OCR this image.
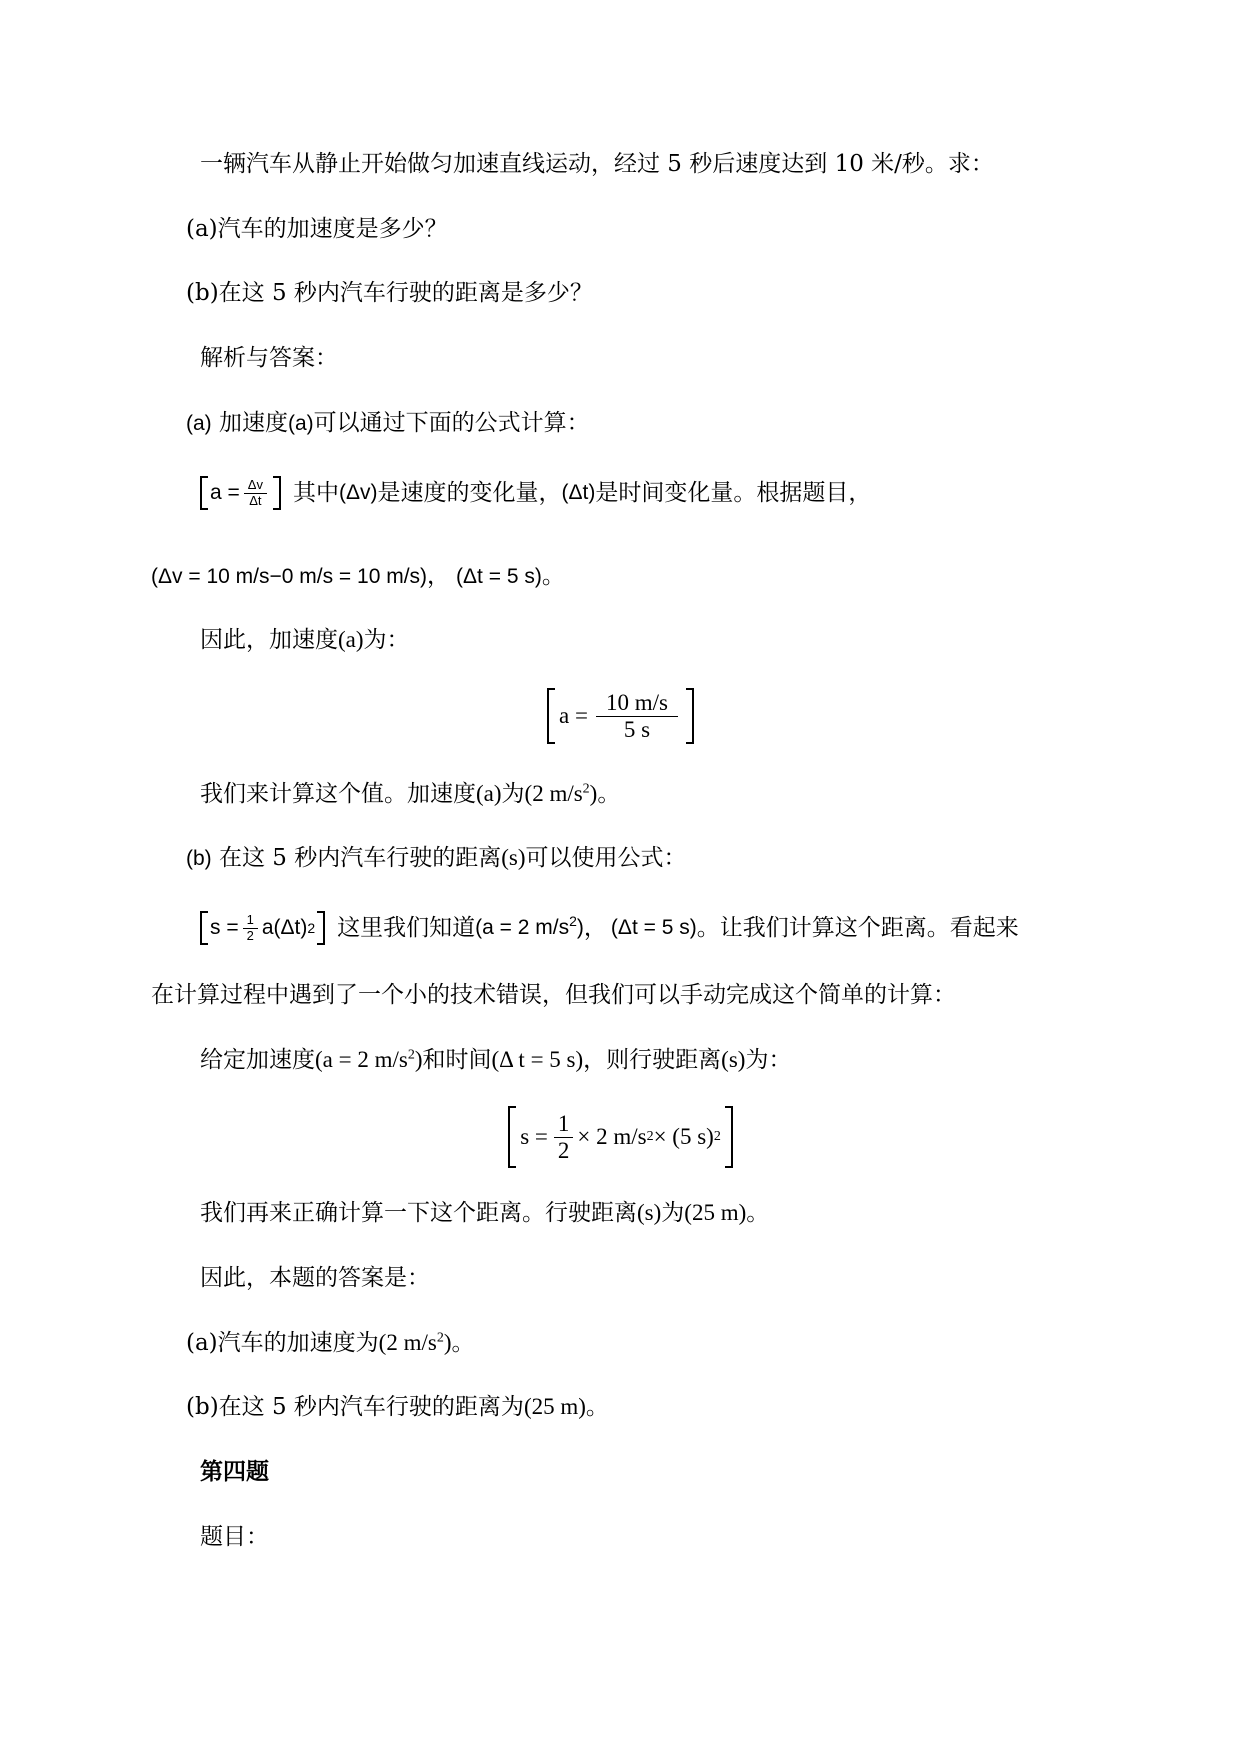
一辆汽车从静止开始做匀加速直线运动，经过 5 秒后速度达到 10 米/秒。求：
(a)汽车的加速度是多少？
(b)在这 5 秒内汽车行驶的距离是多少？
解析与答案：
(a) 加速度(a)可以通过下面的公式计算：
$a = \frac{\Delta v}{\Delta t}$ 其中 (Δv) 是速度的变化量， (Δt) 是时间变化量。根据题目，
(Δv = 10 m/s−0 m/s = 10 m/s)， (Δt = 5 s)。
因此，加速度(a)为：
$a = \frac{10 m/s}{5 s}$
我们来计算这个值。加速度(a)为(2 $m/s^2$)。
(b) 在这 5 秒内汽车行驶的距离(s)可以使用公式：
$s = \frac{1}{2} a(\Delta t)$ 2 这里我们知道 (a = 2 $m/s^2$) ， (Δt = 5 s) 。让我们计算这个距离。看起来
在计算过程中遇到了一个小的技术错误，但我们可以手动完成这个简单的计算：
给定加速度(a = 2 $m/s^2$)和时间(Δ t = 5 s)，则行驶距离(s)为：
$s = \frac{1}{2} \times 2$ m/s 2 × (5 s) 2
我们再来正确计算一下这个距离。行驶距离(s)为(25 m)。
因此，本题的答案是：
(a)汽车的加速度为(2 $m/s^2$)。
(b)在这 5 秒内汽车行驶的距离为(25 m)。
第四题
题目：
